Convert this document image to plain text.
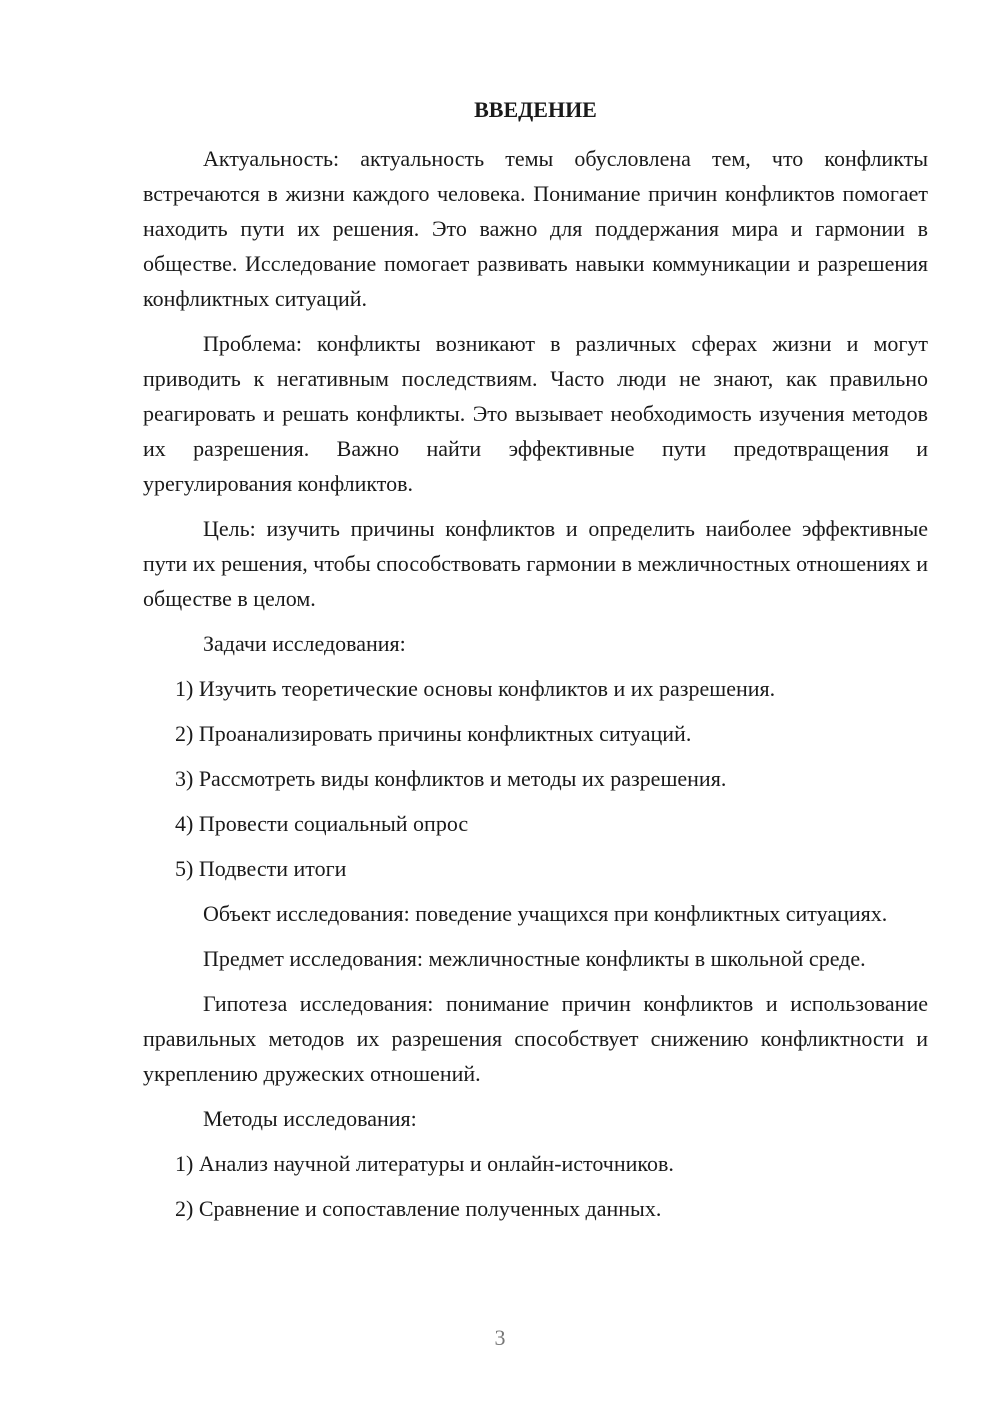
ВВЕДЕНИЕ

Актуальность: актуальность темы обусловлена тем, что конфликты встречаются в жизни каждого человека. Понимание причин конфликтов помогает находить пути их решения. Это важно для поддержания мира и гармонии в обществе. Исследование помогает развивать навыки коммуникации и разрешения конфликтных ситуаций.

Проблема: конфликты возникают в различных сферах жизни и могут приводить к негативным последствиям. Часто люди не знают, как правильно реагировать и решать конфликты. Это вызывает необходимость изучения методов их разрешения. Важно найти эффективные пути предотвращения и урегулирования конфликтов.

Цель: изучить причины конфликтов и определить наиболее эффективные пути их решения, чтобы способствовать гармонии в межличностных отношениях и обществе в целом.

Задачи исследования:

1) Изучить теоретические основы конфликтов и их разрешения.

2) Проанализировать причины конфликтных ситуаций.

3) Рассмотреть виды конфликтов и методы их разрешения.

4) Провести социальный опрос

5) Подвести итоги

Объект исследования: поведение учащихся при конфликтных ситуациях.

Предмет исследования: межличностные конфликты в школьной среде.

Гипотеза исследования: понимание причин конфликтов и использование правильных методов их разрешения способствует снижению конфликтности и укреплению дружеских отношений.

Методы исследования:

1) Анализ научной литературы и онлайн-источников.

2) Сравнение и сопоставление полученных данных.

3
